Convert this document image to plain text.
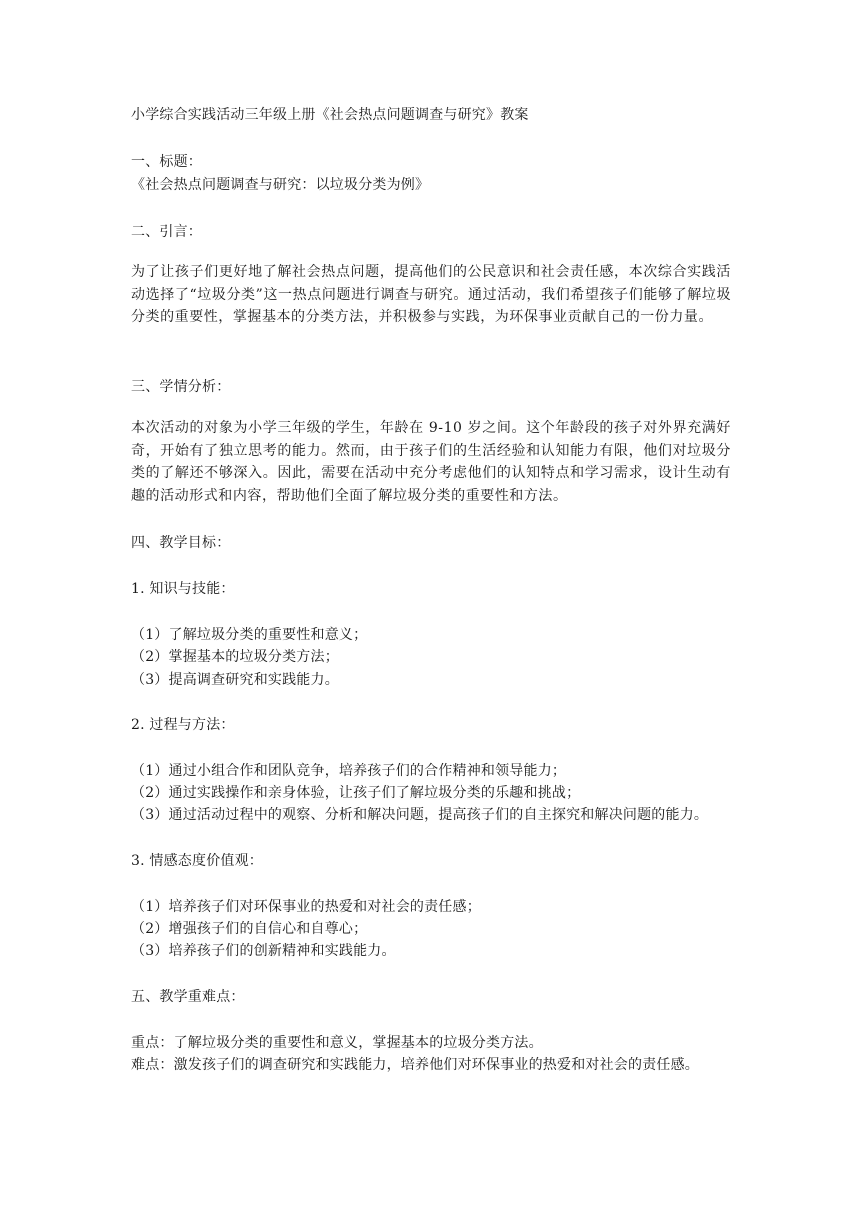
小学综合实践活动三年级上册《社会热点问题调查与研究》教案
一、标题：
《社会热点问题调查与研究：以垃圾分类为例》
二、引言：
为了让孩子们更好地了解社会热点问题，提高他们的公民意识和社会责任感，本次综合实践活动选择了“垃圾分类”这一热点问题进行调查与研究。通过活动，我们希望孩子们能够了解垃圾分类的重要性，掌握基本的分类方法，并积极参与实践，为环保事业贡献自己的一份力量。
三、学情分析：
本次活动的对象为小学三年级的学生，年龄在 9-10 岁之间。这个年龄段的孩子对外界充满好奇，开始有了独立思考的能力。然而，由于孩子们的生活经验和认知能力有限，他们对垃圾分类的了解还不够深入。因此，需要在活动中充分考虑他们的认知特点和学习需求，设计生动有趣的活动形式和内容，帮助他们全面了解垃圾分类的重要性和方法。
四、教学目标：
1. 知识与技能：
（1）了解垃圾分类的重要性和意义；
（2）掌握基本的垃圾分类方法；
（3）提高调查研究和实践能力。
2. 过程与方法：
（1）通过小组合作和团队竞争，培养孩子们的合作精神和领导能力；
（2）通过实践操作和亲身体验，让孩子们了解垃圾分类的乐趣和挑战；
（3）通过活动过程中的观察、分析和解决问题，提高孩子们的自主探究和解决问题的能力。
3. 情感态度价值观：
（1）培养孩子们对环保事业的热爱和对社会的责任感；
（2）增强孩子们的自信心和自尊心；
（3）培养孩子们的创新精神和实践能力。
五、教学重难点：
重点：了解垃圾分类的重要性和意义，掌握基本的垃圾分类方法。
难点：激发孩子们的调查研究和实践能力，培养他们对环保事业的热爱和对社会的责任感。
